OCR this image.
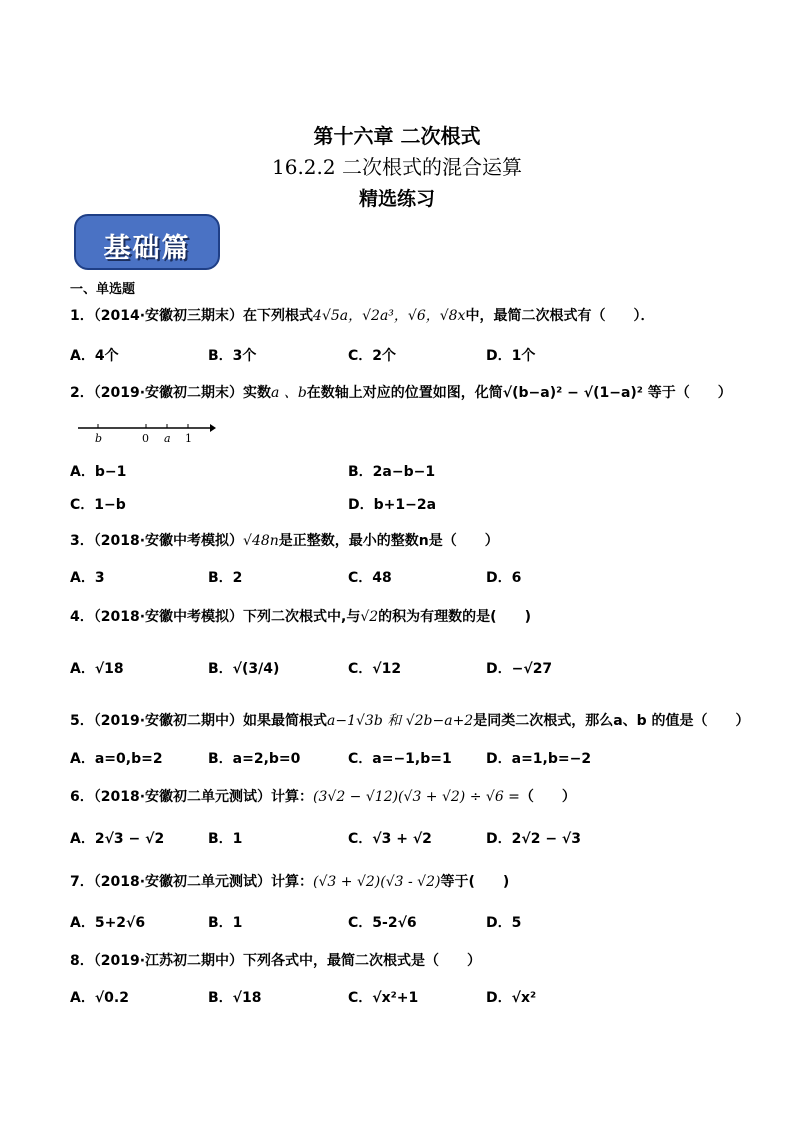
第十六章 二次根式
16.2.2 二次根式的混合运算
精选练习
基础篇
一、单选题
1．（2014·安徽初三期末）在下列根式4√5a，√2a³，√6，√8x中，最简二次根式有（　　）．
A．4个	B．3个	C．2个	D．1个
2．（2019·安徽初二期末）实数a 、b在数轴上对应的位置如图，化简√(b−a)² − √(1−a)² 等于（　　）
b	0 a 1
A．b−1	B．2a−b−1
C．1−b	D．b+1−2a
3．（2018·安徽中考模拟）√48n是正整数，最小的整数n是（　　）
A．3	B．2	C．48	D．6
4．（2018·安徽中考模拟）下列二次根式中,与√2的积为有理数的是(　　)
A．√18	B．√(3/4)	C．√12	D．−√27
5．（2019·安徽初二期中）如果最简根式a−1√3b 和 √2b−a+2是同类二次根式，那么a、b 的值是（　　）
A．a=0,b=2	B．a=2,b=0	C．a=−1,b=1 D．a=1,b=−2
6．（2018·安徽初二单元测试）计算：(3√2 − √12)(√3 + √2) ÷ √6 =（　　）
A．2√3 − √2	B．1	C．√3 + √2	D．2√2 − √3
7．（2018·安徽初二单元测试）计算：(√3 + √2)(√3 - √2)等于(　　)
A．5+2√6	B．1	C．5-2√6	D．5
8．（2019·江苏初二期中）下列各式中，最简二次根式是（　　）
A．√0.2	B．√18	C．√x²+1	D．√x²
